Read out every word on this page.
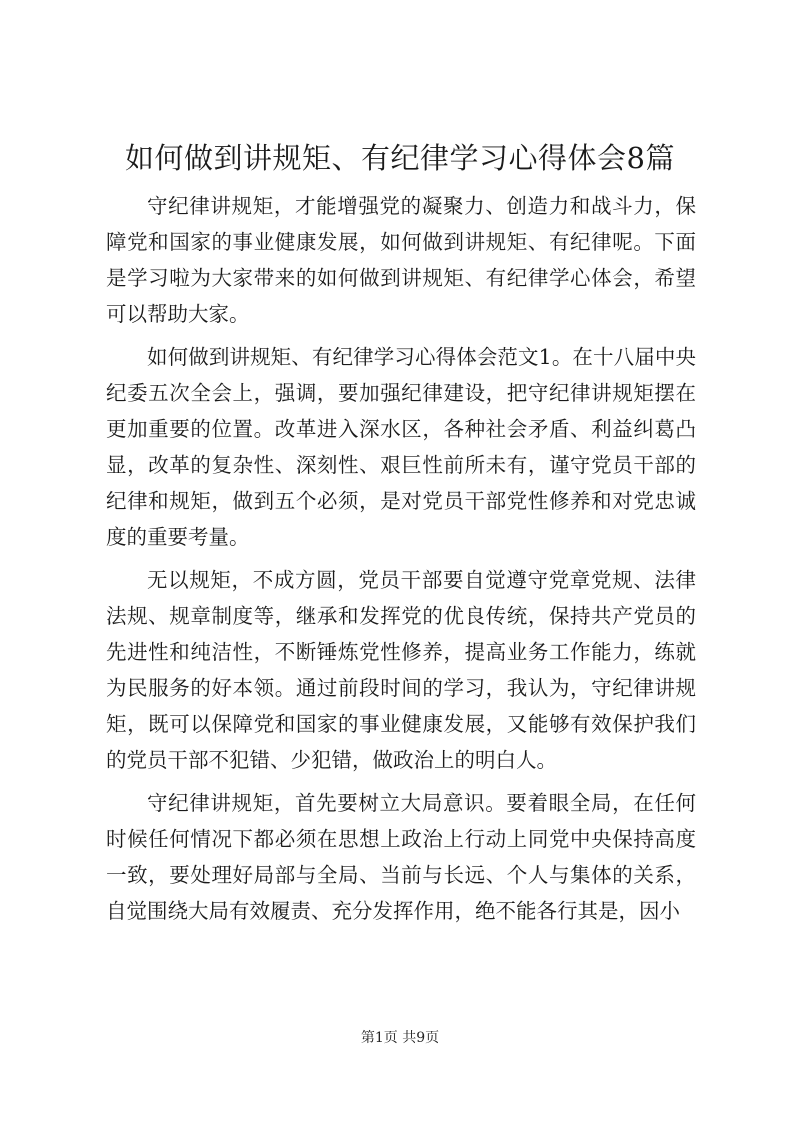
如何做到讲规矩、有纪律学习心得体会8篇

守纪律讲规矩，才能增强党的凝聚力、创造力和战斗力，保障党和国家的事业健康发展，如何做到讲规矩、有纪律呢。下面是学习啦为大家带来的如何做到讲规矩、有纪律学心体会，希望可以帮助大家。

如何做到讲规矩、有纪律学习心得体会范文1。在十八届中央纪委五次全会上，强调，要加强纪律建设，把守纪律讲规矩摆在更加重要的位置。改革进入深水区，各种社会矛盾、利益纠葛凸显，改革的复杂性、深刻性、艰巨性前所未有，谨守党员干部的纪律和规矩，做到五个必须，是对党员干部党性修养和对党忠诚度的重要考量。

无以规矩，不成方圆，党员干部要自觉遵守党章党规、法律法规、规章制度等，继承和发挥党的优良传统，保持共产党员的先进性和纯洁性，不断锤炼党性修养，提高业务工作能力，练就为民服务的好本领。通过前段时间的学习，我认为，守纪律讲规矩，既可以保障党和国家的事业健康发展，又能够有效保护我们的党员干部不犯错、少犯错，做政治上的明白人。

守纪律讲规矩，首先要树立大局意识。要着眼全局，在任何时候任何情况下都必须在思想上政治上行动上同党中央保持高度一致，要处理好局部与全局、当前与长远、个人与集体的关系，自觉围绕大局有效履责、充分发挥作用，绝不能各行其是，因小

第1页 共9页
